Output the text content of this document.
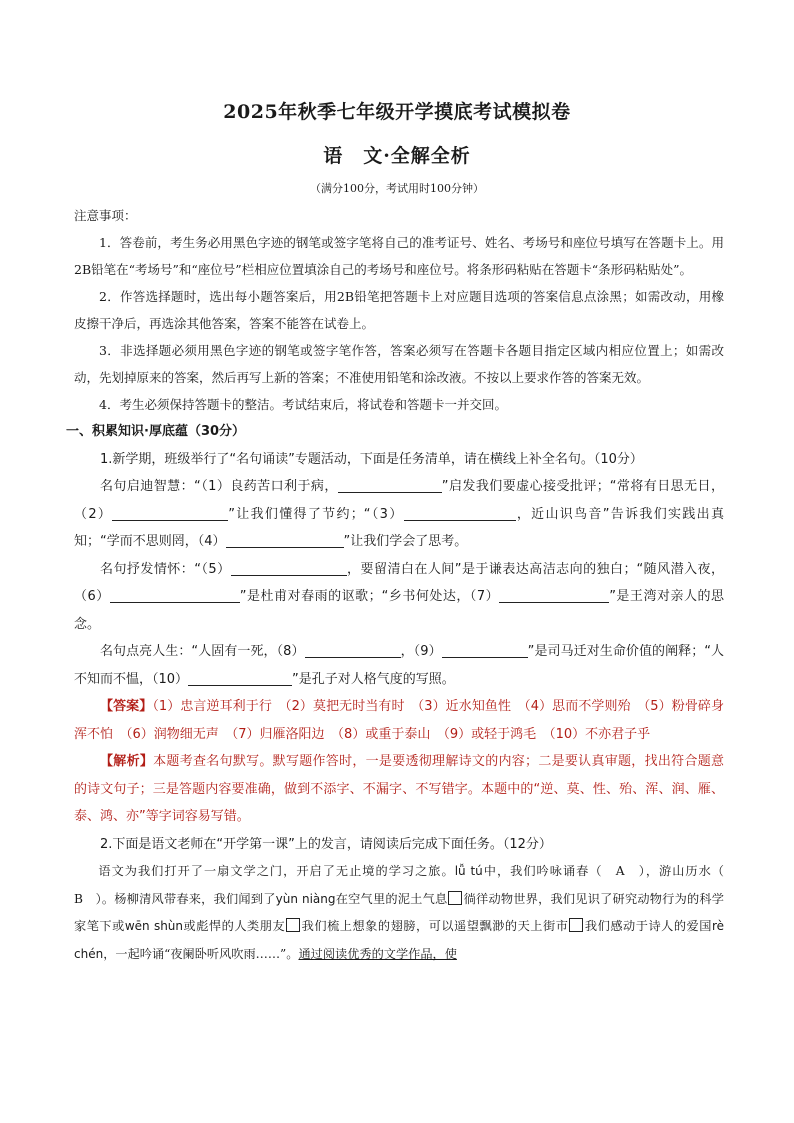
2025年秋季七年级开学摸底考试模拟卷
语　文·全解全析
（满分100分，考试用时100分钟）

注意事项：

1．答卷前，考生务必用黑色字迹的钢笔或签字笔将自己的准考证号、姓名、考场号和座位号填写在答题卡上。用2B铅笔在“考场号”和“座位号”栏相应位置填涂自己的考场号和座位号。将条形码粘贴在答题卡“条形码粘贴处”。

2．作答选择题时，选出每小题答案后，用2B铅笔把答题卡上对应题目选项的答案信息点涂黑；如需改动，用橡皮擦干净后，再选涂其他答案，答案不能答在试卷上。

3．非选择题必须用黑色字迹的钢笔或签字笔作答，答案必须写在答题卡各题目指定区域内相应位置上；如需改动，先划掉原来的答案，然后再写上新的答案；不准使用铅笔和涂改液。不按以上要求作答的答案无效。

4．考生必须保持答题卡的整洁。考试结束后，将试卷和答题卡一并交回。

一、积累知识·厚底蕴（30分）

1.新学期，班级举行了“名句诵读”专题活动，下面是任务清单，请在横线上补全名句。（10分）

名句启迪智慧：“（1）良药苦口利于病，	”启发我们要虚心接受批评；“常将有日思无日，（2）	”让我们懂得了节约；“（3）	，近山识鸟音”告诉我们实践出真知；“学而不思则罔，（4）	”让我们学会了思考。

名句抒发情怀：“（5）	，要留清白在人间”是于谦表达高洁志向的独白；“随风潜入夜，（6）	”是杜甫对春雨的讴歌；“乡书何处达，（7）	”是王湾对亲人的思念。

名句点亮人生：“人固有一死，（8）	，（9）	”是司马迁对生命价值的阐释；“人不知而不愠，（10）	”是孔子对人格气度的写照。

【答案】（1）忠言逆耳利于行　（2）莫把无时当有时　（3）近水知鱼性　（4）思而不学则殆　（5）粉骨碎身浑不怕　（6）润物细无声　（7）归雁洛阳边　（8）或重于泰山　（9）或轻于鸿毛　（10）不亦君子乎

【解析】本题考查名句默写。默写题作答时，一是要透彻理解诗文的内容；二是要认真审题，找出符合题意的诗文句子；三是答题内容要准确，做到不添字、不漏字、不写错字。本题中的“逆、莫、性、殆、浑、润、雁、泰、鸿、亦”等字词容易写错。

2.下面是语文老师在“开学第一课”上的发言，请阅读后完成下面任务。（12分）

语文为我们打开了一扇文学之门，开启了无止境的学习之旅。lǚ tú中，我们吟咏诵春（　A　），游山历水（　B　）。杨柳清风带春来，我们闻到了yùn niàng在空气里的泥土气息 徜徉动物世界，我们见识了研究动物行为的科学家笔下或wēn shùn或彪悍的人类朋友 我们梳上想象的翅膀，可以遥望飘渺的天上街市 我们感动于诗人的爱国rè chén，一起吟诵“夜阑卧听风吹雨……”。通过阅读优秀的文学作品，使
